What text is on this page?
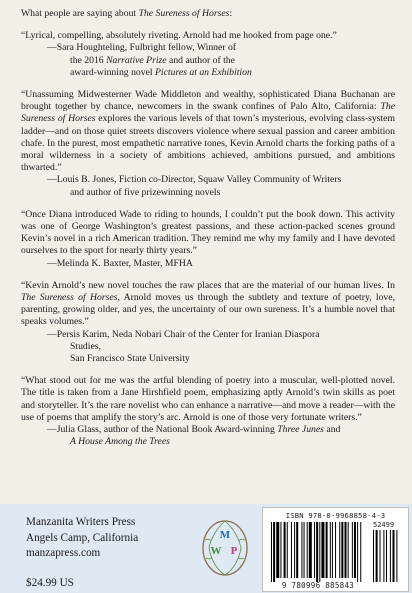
What people are saying about The Sureness of Horses:

“Lyrical, compelling, absolutely riveting. Arnold had me hooked from page one.”

—Sara Houghteling, Fulbright fellow, Winner of

the 2016 Narrative Prize and author of the

award-winning novel Pictures at an Exhibition

“Unassuming Midwesterner Wade Middleton and wealthy, sophisticated Diana Buchanan are brought together by chance, newcomers in the swank confines of Palo Alto, California: The Sureness of Horses explores the various levels of that town’s mysterious, evolving class-system ladder—and on those quiet streets discovers violence where sexual passion and career ambition chafe. In the purest, most empathetic narrative tones, Kevin Arnold charts the forking paths of a moral wilderness in a society of ambitions achieved, ambitions pursued, and ambitions thwarted.”

—Louis B. Jones, Fiction co-Director, Squaw Valley Community of Writers

and author of five prizewinning novels

“Once Diana introduced Wade to riding to hounds, I couldn’t put the book down. This activity was one of George Washington’s greatest passions, and these action-packed scenes ground Kevin’s novel in a rich American tradition. They remind me why my family and I have devoted ourselves to the sport for nearly thirty years.”

—Melinda K. Baxter, Master, MFHA

“Kevin Arnold’s new novel touches the raw places that are the material of our human lives. In The Sureness of Horses, Arnold moves us through the subtlety and texture of poetry, love, parenting, growing older, and yes, the uncertainty of our own sureness. It’s a humble novel that speaks volumes.”

—Persis Karim, Neda Nobari Chair of the Center for Iranian Diaspora

Studies,

San Francisco State University

“What stood out for me was the artful blending of poetry into a muscular, well-plotted novel. The title is taken from a Jane Hirshfield poem, emphasizing aptly Arnold’s twin skills as poet and storyteller. It’s the rare novelist who can enhance a narrative—and move a reader—with the use of poems that amplify the story’s arc. Arnold is one of those very fortunate writers.”

—Julia Glass, author of the National Book Award-winning Three Junes and

A House Among the Trees

Manzanita Writers Press
Angels Camp, California
manzapress.com
$24.99 US
M
W P
ISBN 978-0-9968858-4-3
52499
9 780996 885843
